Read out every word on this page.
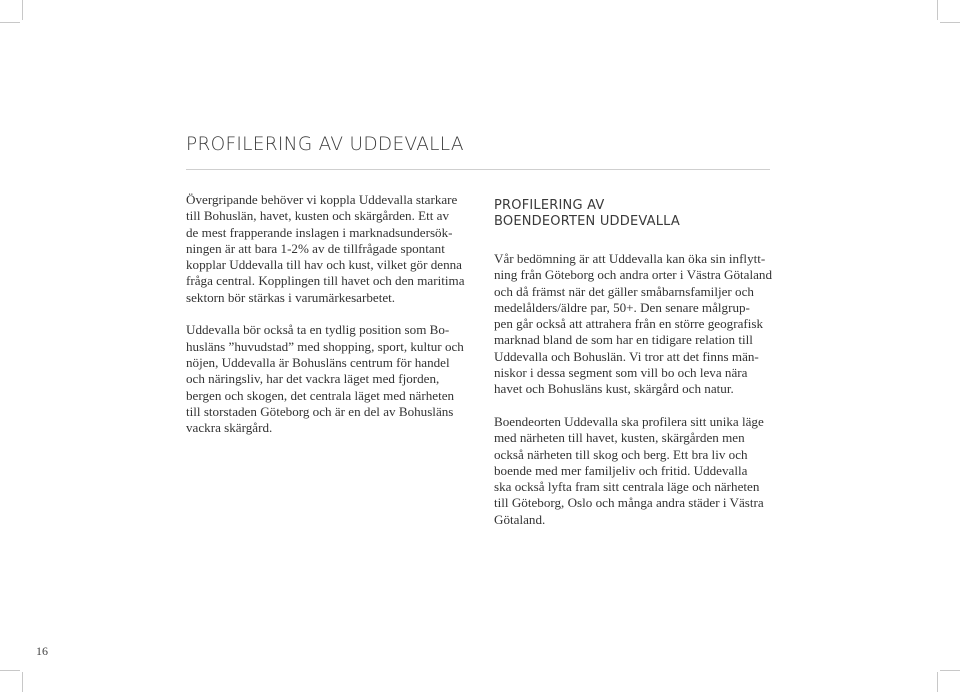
PROFILERING AV UDDEVALLA

Övergripande behöver vi koppla Uddevalla starkare

till Bohuslän, havet, kusten och skärgården. Ett av

de mest frapperande inslagen i marknadsundersök-

ningen är att bara 1-2% av de tillfrågade spontant

kopplar Uddevalla till hav och kust, vilket gör denna

fråga central. Kopplingen till havet och den maritima

sektorn bör stärkas i varumärkesarbetet.

Uddevalla bör också ta en tydlig position som Bo-

husläns ”huvudstad” med shopping, sport, kultur och

nöjen, Uddevalla är Bohusläns centrum för handel

och näringsliv, har det vackra läget med fjorden,

bergen och skogen, det centrala läget med närheten

till storstaden Göteborg och är en del av Bohusläns

vackra skärgård.

PROFILERING AV
BOENDEORTEN UDDEVALLA

Vår bedömning är att Uddevalla kan öka sin inflytt-

ning från Göteborg och andra orter i Västra Götaland

och då främst när det gäller småbarnsfamiljer och

medelålders/äldre par, 50+. Den senare målgrup-

pen går också att attrahera från en större geografisk

marknad bland de som har en tidigare relation till

Uddevalla och Bohuslän. Vi tror att det finns män-

niskor i dessa segment som vill bo och leva nära

havet och Bohusläns kust, skärgård och natur.

Boendeorten Uddevalla ska profilera sitt unika läge

med närheten till havet, kusten, skärgården men

också närheten till skog och berg. Ett bra liv och

boende med mer familjeliv och fritid. Uddevalla

ska också lyfta fram sitt centrala läge och närheten

till Göteborg, Oslo och många andra städer i Västra

Götaland.

16
